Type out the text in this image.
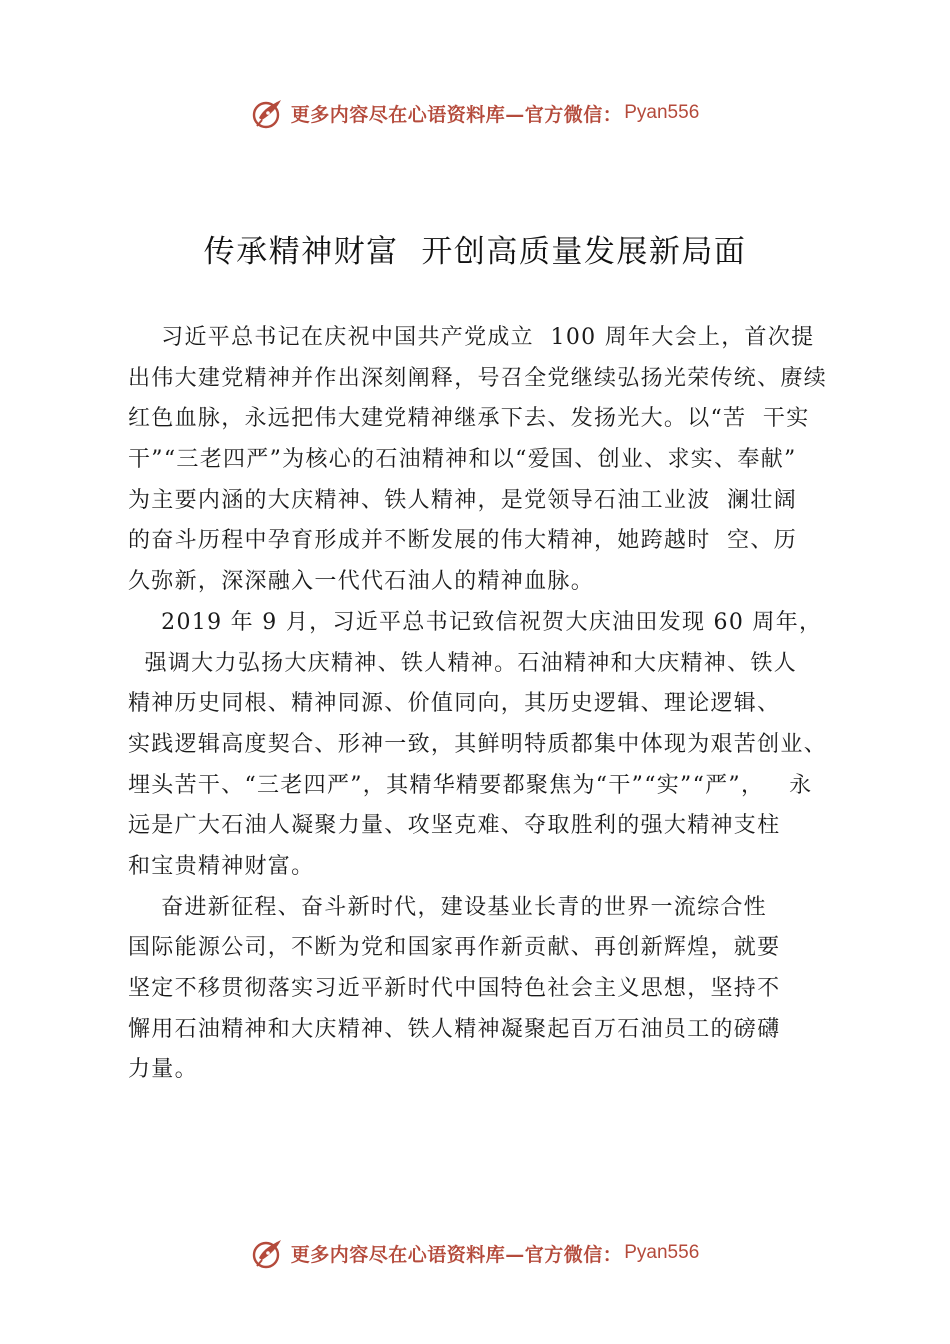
更多内容尽在心语资料库—官方微信： Pyan556
传承精神财富  开创高质量发展新局面
习近平总书记在庆祝中国共产党成立  100 周年大会上，首次提
出伟大建党精神并作出深刻阐释，号召全党继续弘扬光荣传统、赓续
红色血脉，永远把伟大建党精神继承下去、发扬光大。以“苦  干实
干”“三老四严”为核心的石油精神和以“爱国、创业、求实、奉献”
为主要内涵的大庆精神、铁人精神，是党领导石油工业波  澜壮阔
的奋斗历程中孕育形成并不断发展的伟大精神，她跨越时  空、历
久弥新，深深融入一代代石油人的精神血脉。
2019 年 9 月，习近平总书记致信祝贺大庆油田发现 60 周年，
强调大力弘扬大庆精神、铁人精神。石油精神和大庆精神、铁人
精神历史同根、精神同源、价值同向，其历史逻辑、理论逻辑、
实践逻辑高度契合、形神一致，其鲜明特质都集中体现为艰苦创业、
埋头苦干、“三老四严”，其精华精要都聚焦为“干”“实”“严”，   永
远是广大石油人凝聚力量、攻坚克难、夺取胜利的强大精神支柱
和宝贵精神财富。
奋进新征程、奋斗新时代，建设基业长青的世界一流综合性
国际能源公司，不断为党和国家再作新贡献、再创新辉煌，就要
坚定不移贯彻落实习近平新时代中国特色社会主义思想，坚持不
懈用石油精神和大庆精神、铁人精神凝聚起百万石油员工的磅礴
力量。
更多内容尽在心语资料库—官方微信： Pyan556
